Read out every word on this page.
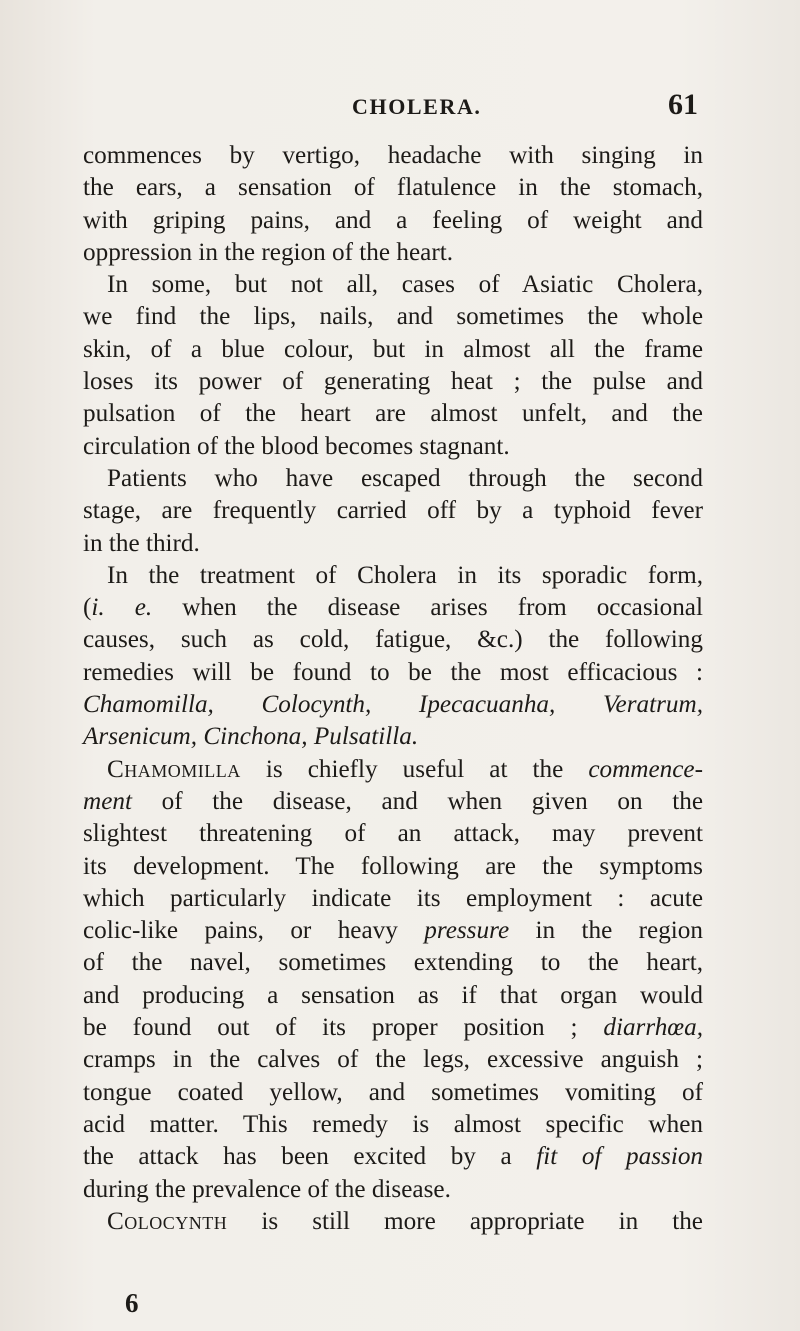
CHOLERA.	61
commences by vertigo, headache with singing in
the ears, a sensation of flatulence in the stomach,
with griping pains, and a feeling of weight and
oppression in the region of the heart.
In some, but not all, cases of Asiatic Cholera,
we find the lips, nails, and sometimes the whole
skin, of a blue colour, but in almost all the frame
loses its power of generating heat ; the pulse and
pulsation of the heart are almost unfelt, and the
circulation of the blood becomes stagnant.
Patients who have escaped through the second
stage, are frequently carried off by a typhoid fever
in the third.
In the treatment of Cholera in its sporadic form,
(i. e. when the disease arises from occasional
causes, such as cold, fatigue, &c.) the following
remedies will be found to be the most efficacious :
Chamomilla, Colocynth, Ipecacuanha, Veratrum,
Arsenicum, Cinchona, Pulsatilla.
Chamomilla is chiefly useful at the commence-
ment of the disease, and when given on the
slightest threatening of an attack, may prevent
its development. The following are the symptoms
which particularly indicate its employment : acute
colic-like pains, or heavy pressure in the region
of the navel, sometimes extending to the heart,
and producing a sensation as if that organ would
be found out of its proper position ; diarrhœa,
cramps in the calves of the legs, excessive anguish ;
tongue coated yellow, and sometimes vomiting of
acid matter. This remedy is almost specific when
the attack has been excited by a fit of passion
during the prevalence of the disease.
Colocynth is still more appropriate in the
6
